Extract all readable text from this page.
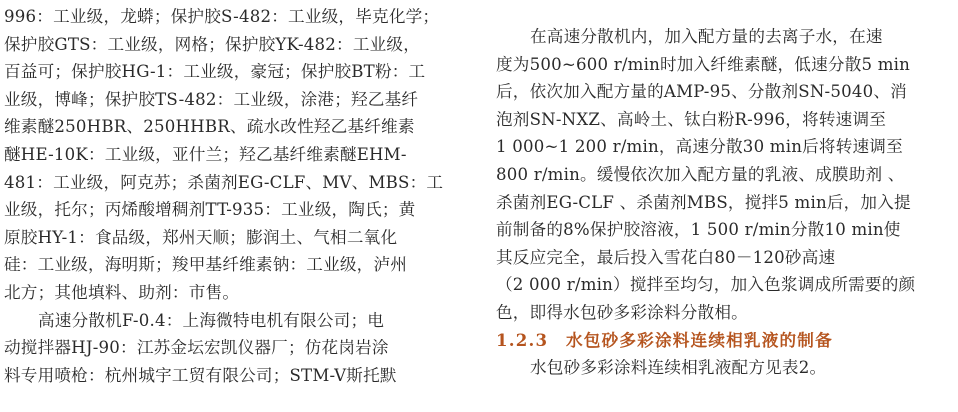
996：工业级，龙蟒；保护胶S-482：工业级，毕克化学；
保护胶GTS：工业级，网格；保护胶YK-482：工业级，
百益可；保护胶HG-1：工业级，豪冠；保护胶BT粉：工
业级，博峰；保护胶TS-482：工业级，涂港；羟乙基纤
维素醚250HBR、250HHBR、疏水改性羟乙基纤维素
醚HE-10K：工业级，亚什兰；羟乙基纤维素醚EHM-
481：工业级，阿克苏；杀菌剂EG-CLF、MV、MBS：工
业级，托尔；丙烯酸增稠剂TT-935：工业级，陶氏；黄
原胶HY-1：食品级，郑州天顺；膨润土、气相二氧化
硅：工业级，海明斯；羧甲基纤维素钠：工业级，泸州
北方；其他填料、助剂：市售。
高速分散机F-0.4：上海微特电机有限公司；电
动搅拌器HJ-90：江苏金坛宏凯仪器厂；仿花岗岩涂
料专用喷枪：杭州城宇工贸有限公司；STM-V斯托默
在高速分散机内，加入配方量的去离子水，在速
度为500~600 r/min时加入纤维素醚，低速分散5 min
后，依次加入配方量的AMP-95、分散剂SN-5040、消
泡剂SN-NXZ、高岭土、钛白粉R-996，将转速调至
1 000~1 200 r/min，高速分散30 min后将转速调至
800 r/min。缓慢依次加入配方量的乳液、成膜助剂 、
杀菌剂EG-CLF 、杀菌剂MBS，搅拌5 min后，加入提
前制备的8%保护胶溶液，1 500 r/min分散10 min使
其反应完全，最后投入雪花白80－120砂高速
（2 000 r/min）搅拌至均匀，加入色浆调成所需要的颜
色，即得水包砂多彩涂料分散相。
1.2.3　水包砂多彩涂料连续相乳液的制备
水包砂多彩涂料连续相乳液配方见表2。
